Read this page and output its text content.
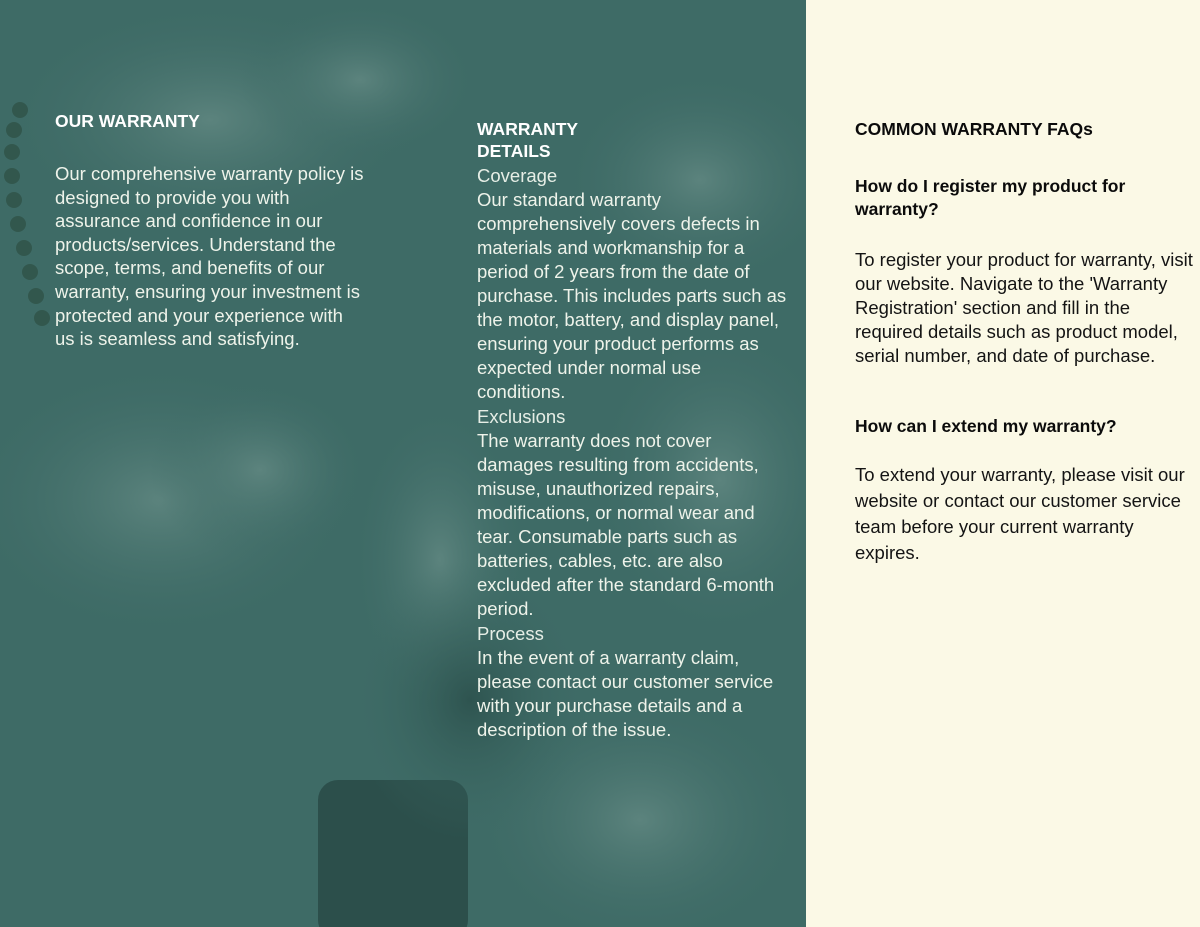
OUR WARRANTY

Our comprehensive warranty policy is designed to provide you with assurance and confidence in our products/services. Understand the scope, terms, and benefits of our warranty, ensuring your investment is protected and your experience with us is seamless and satisfying.

WARRANTY
DETAILS

Coverage

Our standard warranty comprehensively covers defects in materials and workmanship for a period of 2 years from the date of purchase. This includes parts such as the motor, battery, and display panel, ensuring your product performs as expected under normal use conditions.

Exclusions

The warranty does not cover damages resulting from accidents, misuse, unauthorized repairs, modifications, or normal wear and tear. Consumable parts such as batteries, cables, etc. are also excluded after the standard 6-month period.

Process

In the event of a warranty claim, please contact our customer service with your purchase details and a description of the issue.

COMMON WARRANTY FAQs

How do I register my product for warranty?

To register your product for warranty, visit our website. Navigate to the 'Warranty Registration' section and fill in the required details such as product model, serial number, and date of purchase.

How can I extend my warranty?

To extend your warranty, please visit our website or contact our customer service team before your current warranty expires.
